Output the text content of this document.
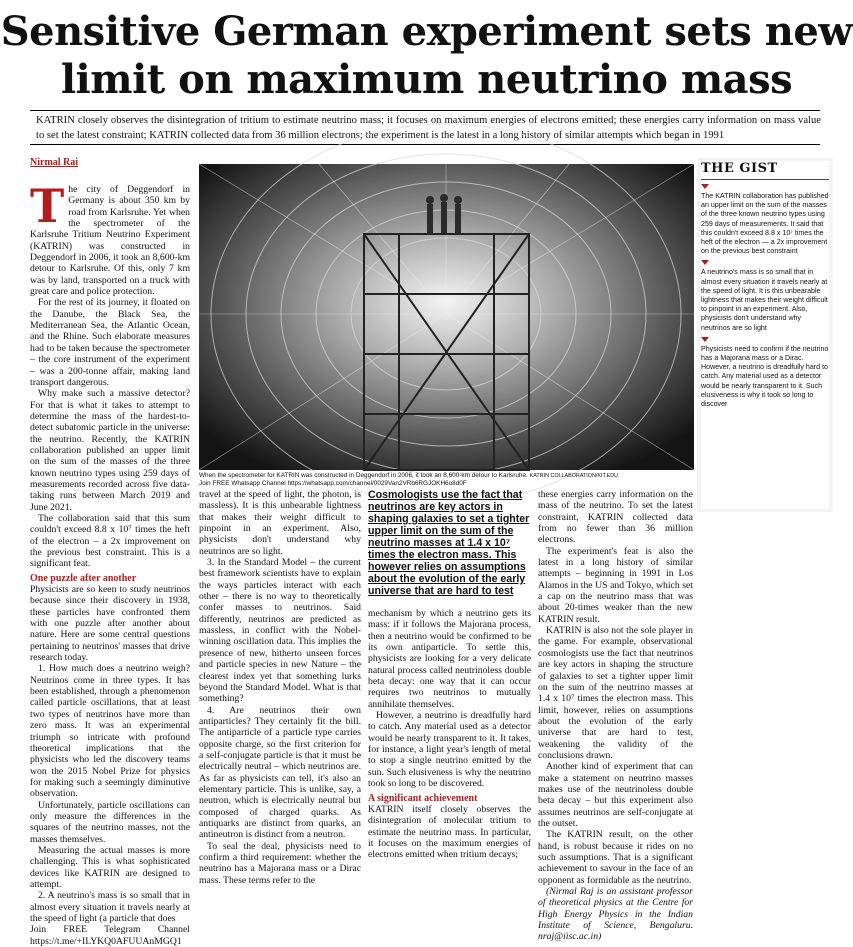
Sensitive German experiment sets new
limit on maximum neutrino mass
KATRIN closely observes the disintegration of tritium to estimate neutrino mass; it focuses on maximum energies of electrons emitted; these energies carry information on mass value to set the latest constraint; KATRIN collected data from 36 million electrons; the experiment is the latest in a long history of similar attempts which began in 1991
Nirmal Rai

The city of Deggendorf in Germany is about 350 km by road from Karlsruhe. Yet when the spectrometer of the Karlsruhe Tritium Neutrino Experiment (KATRIN) was constructed in Deggendorf in 2006, it took an 8,600-km detour to Karlsruhe. Of this, only 7 km was by land, transported on a truck with great care and police protection.

For the rest of its journey, it floated on the Danube, the Black Sea, the Mediterranean Sea, the Atlantic Ocean, and the Rhine. Such elaborate measures had to be taken because the spectrometer – the core instrument of the experiment – was a 200-tonne affair, making land transport dangerous.

Why make such a massive detector? For that is what it takes to attempt to determine the mass of the hardest-to-detect subatomic particle in the universe: the neutrino. Recently, the KATRIN collaboration published an upper limit on the sum of the masses of the three known neutrino types using 259 days of measurements recorded across five data-taking runs between March 2019 and June 2021.

The collaboration said that this sum couldn't exceed 8.8 x 10⁷ times the heft of the electron – a 2x improvement on the previous best constraint. This is a significant feat.

One puzzle after another

Physicists are so keen to study neutrinos because since their discovery in 1938, these particles have confronted them with one puzzle after another about nature. Here are some central questions pertaining to neutrinos' masses that drive research today.

1. How much does a neutrino weigh? Neutrinos come in three types. It has been established, through a phenomenon called particle oscillations, that at least two types of neutrinos have more than zero mass. It was an experimental triumph so intricate with profound theoretical implications that the physicists who led the discovery teams won the 2015 Nobel Prize for physics for making such a seemingly diminutive observation.

Unfortunately, particle oscillations can only measure the differences in the squares of the neutrino masses, not the masses themselves.

Measuring the actual masses is more challenging. This is what sophisticated devices like KATRIN are designed to attempt.

2. A neutrino's mass is so small that in almost every situation it travels nearly at the speed of light (a particle that does

Join FREE Telegram Channel https://t.me/+ILYKQ0AFUUAnMGQ1

When the spectrometer for KATRIN was constructed in Deggendorf in 2006, it took an 8,600-km detour to Karlsruhe. KATRIN COLLABORATION/KIT.EDU
Join FREE Whatsapp Channel https://whatsapp.com/channel/0029Van2VRb6RGJOKH6o8d0F

travel at the speed of light, the photon, is massless). It is this unbearable lightness that makes their weight difficult to pinpoint in an experiment. Also, physicists don't understand why neutrinos are so light.

3. In the Standard Model – the current best framework scientists have to explain the ways particles interact with each other – there is no way to theoretically confer masses to neutrinos. Said differently, neutrinos are predicted as massless, in conflict with the Nobel-winning oscillation data. This implies the presence of new, hitherto unseen forces and particle species in new Nature – the clearest index yet that something lurks beyond the Standard Model. What is that something?

4. Are neutrinos their own antiparticles? They certainly fit the bill. The antiparticle of a particle type carries opposite charge, so the first criterion for a self-conjugate particle is that it must be electrically neutral – which neutrinos are. As far as physicists can tell, it's also an elementary particle. This is unlike, say, a neutron, which is electrically neutral but composed of charged quarks. As antiquarks are distinct from quarks, an antineutron is distinct from a neutron.

To seal the deal, physicists need to confirm a third requirement: whether the neutrino has a Majorana mass or a Dirac mass. These terms refer to the

Cosmologists use the fact that neutrinos are key actors in shaping galaxies to set a tighter upper limit on the sum of the neutrino masses at 1.4 x 10⁷ times the electron mass. This however relies on assumptions about the evolution of the early universe that are hard to test

mechanism by which a neutrino gets its mass: if it follows the Majorana process, then a neutrino would be confirmed to be its own antiparticle. To settle this, physicists are looking for a very delicate natural process called neutrinoless double beta decay: one way that it can occur requires two neutrinos to mutually annihilate themselves.

However, a neutrino is dreadfully hard to catch. Any material used as a detector would be nearly transparent to it. It takes, for instance, a light year's length of metal to stop a single neutrino emitted by the sun. Such elusiveness is why the neutrino took so long to be discovered.

A significant achievement

KATRIN itself closely observes the disintegration of molecular tritium to estimate the neutrino mass. In particular, it focuses on the maximum energies of electrons emitted when tritium decays;

these energies carry information on the mass of the neutrino. To set the latest constraint, KATRIN collected data from no fewer than 36 million electrons.

The experiment's feat is also the latest in a long history of similar attempts – beginning in 1991 in Los Alamos in the US and Tokyo, which set a cap on the neutrino mass that was about 20-times weaker than the new KATRIN result.

KATRIN is also not the sole player in the game. For example, observational cosmologists use the fact that neutrinos are key actors in shaping the structure of galaxies to set a tighter upper limit on the sum of the neutrino masses at 1.4 x 10⁷ times the electron mass. This limit, however, relies on assumptions about the evolution of the early universe that are hard to test, weakening the validity of the conclusions drawn.

Another kind of experiment that can make a statement on neutrino masses makes use of the neutrinoless double beta decay – but this experiment also assumes neutrinos are self-conjugate at the outset.

The KATRIN result, on the other hand, is robust because it rides on no such assumptions. That is a significant achievement to savour in the face of an opponent as formidable as the neutrino.

(Nirmal Raj is an assistant professor of theoretical physics at the Centre for High Energy Physics in the Indian Institute of Science, Bengaluru. nraj@iisc.ac.in)

THE GIST

The KATRIN collaboration has published an upper limit on the sum of the masses of the three known neutrino types using 259 days of measurements. It said that this couldn't exceed 8.8 x 10⁷ times the heft of the electron — a 2x improvement on the previous best constraint

A neutrino's mass is so small that in almost every situation it travels nearly at the speed of light. It is this unbearable lightness that makes their weight difficult to pinpoint in an experiment. Also, physicists don't understand why neutrinos are so light

Physicists need to confirm if the neutrino has a Majorana mass or a Dirac. However, a neutrino is dreadfully hard to catch. Any material used as a detector would be nearly transparent to it. Such elusiveness is why it took so long to discover
